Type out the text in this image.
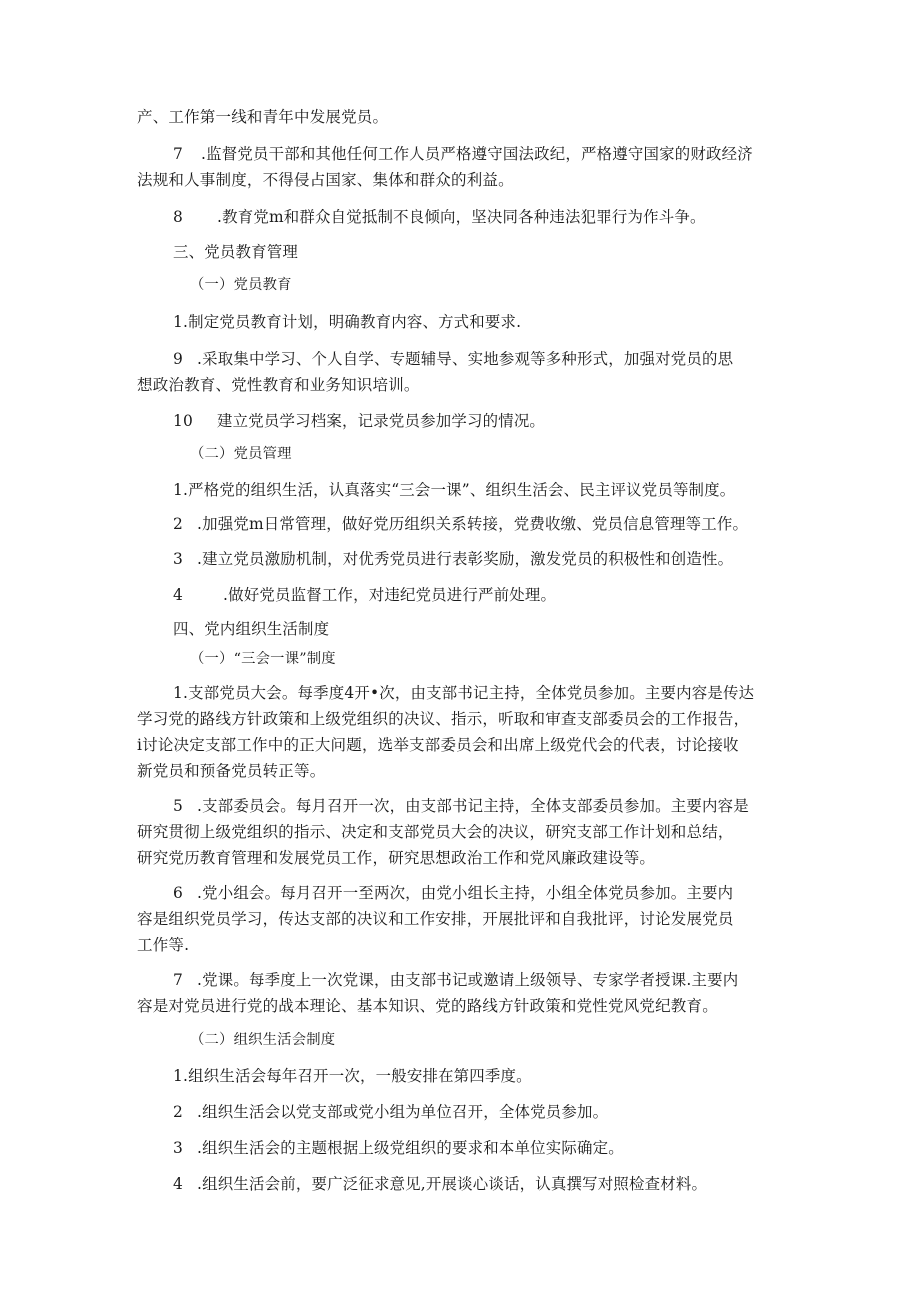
产、工作第一线和青年中发展党员。
7 .监督党员干部和其他任何工作人员严格遵守国法政纪，严格遵守国家的财政经济
法规和人事制度，不得侵占国家、集体和群众的利益。
8 .教育党m和群众自觉抵制不良倾向，坚决同各种违法犯罪行为作斗争。
三、党员教育管理
（一）党员教育
1.制定党员教育计划，明确教育内容、方式和要求.
9 .采取集中学习、个人自学、专题辅导、实地参观等多种形式，加强对党员的思
想政治教育、党性教育和业务知识培训。
10 建立党员学习档案，记录党员参加学习的情况。
（二）党员管理
1.严格党的组织生活，认真落实“三会一课”、组织生活会、民主评议党员等制度。
2 .加强党m日常管理，做好党历组织关系转接，党费收缴、党员信息管理等工作。
3 .建立党员激励机制，对优秀党员进行表彰奖励，激发党员的积极性和创造性。
4	.做好党员监督工作，对违纪党员进行严前处理。
四、党内组织生活制度
（一）“三会一课”制度
1.支部党员大会。每季度4开•次，由支部书记主持，全体党员参加。主要内容是传达
学习党的路线方针政策和上级党组织的决议、指示，听取和审查支部委员会的工作报告，
i讨论决定支部工作中的正大问题，选举支部委员会和出席上级党代会的代表，讨论接收
新党员和预备党员转正等。
5 .支部委员会。每月召开一次，由支部书记主持，全体支部委员参加。主要内容是
研究贯彻上级党组织的指示、决定和支部党员大会的决议，研究支部工作计划和总结，
研究党历教育管理和发展党员工作，研究思想政治工作和党风廉政建设等。
6 .党小组会。每月召开一至两次，由党小组长主持，小组全体党员参加。主要内
容是组织党员学习，传达支部的决议和工作安排，开展批评和自我批评，讨论发展党员
工作等.
7 .党课。每季度上一次党课，由支部书记或邀请上级领导、专家学者授课.主要内
容是对党员进行党的战本理论、基本知识、党的路线方针政策和党性党风党纪教育。
（二）组织生活会制度
1.组织生活会每年召开一次，一般安排在第四季度。
2 .组织生活会以党支部或党小组为单位召开，全体党员参加。
3 .组织生活会的主题根据上级党组织的要求和本单位实际确定。
4 .组织生活会前，要广泛征求意见,开展谈心谈话，认真撰写对照检查材料。
